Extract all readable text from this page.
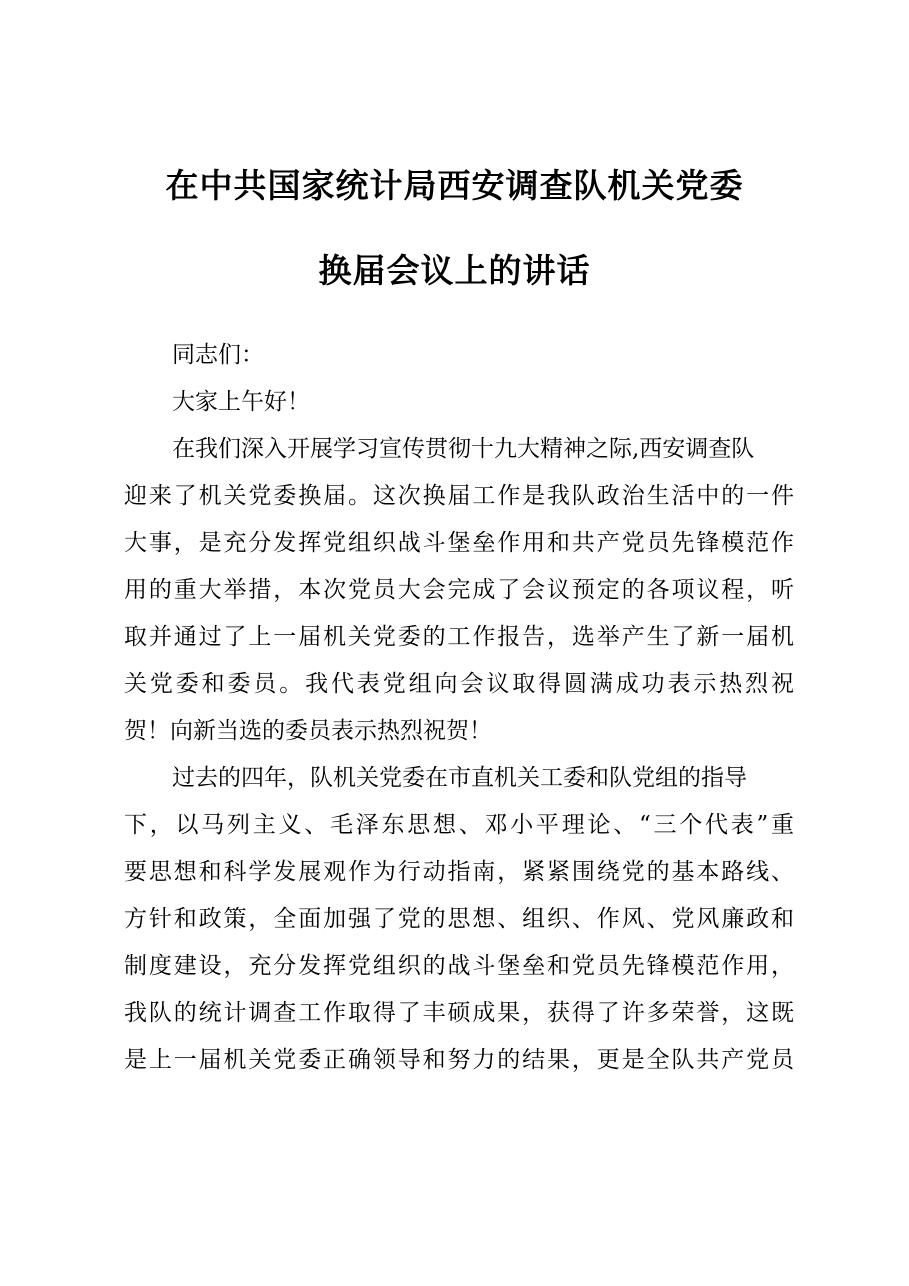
在中共国家统计局西安调查队机关党委
换届会议上的讲话
同志们：
大家上午好！
在我们深入开展学习宣传贯彻十九大精神之际,西安调查队
迎来了机关党委换届。这次换届工作是我队政治生活中的一件
大事，是充分发挥党组织战斗堡垒作用和共产党员先锋模范作
用的重大举措，本次党员大会完成了会议预定的各项议程，听
取并通过了上一届机关党委的工作报告，选举产生了新一届机
关党委和委员。我代表党组向会议取得圆满成功表示热烈祝
贺！向新当选的委员表示热烈祝贺！
过去的四年，队机关党委在市直机关工委和队党组的指导
下，以马列主义、毛泽东思想、邓小平理论、“三个代表”重
要思想和科学发展观作为行动指南，紧紧围绕党的基本路线、
方针和政策，全面加强了党的思想、组织、作风、党风廉政和
制度建设，充分发挥党组织的战斗堡垒和党员先锋模范作用，
我队的统计调查工作取得了丰硕成果，获得了许多荣誉，这既
是上一届机关党委正确领导和努力的结果，更是全队共产党员
